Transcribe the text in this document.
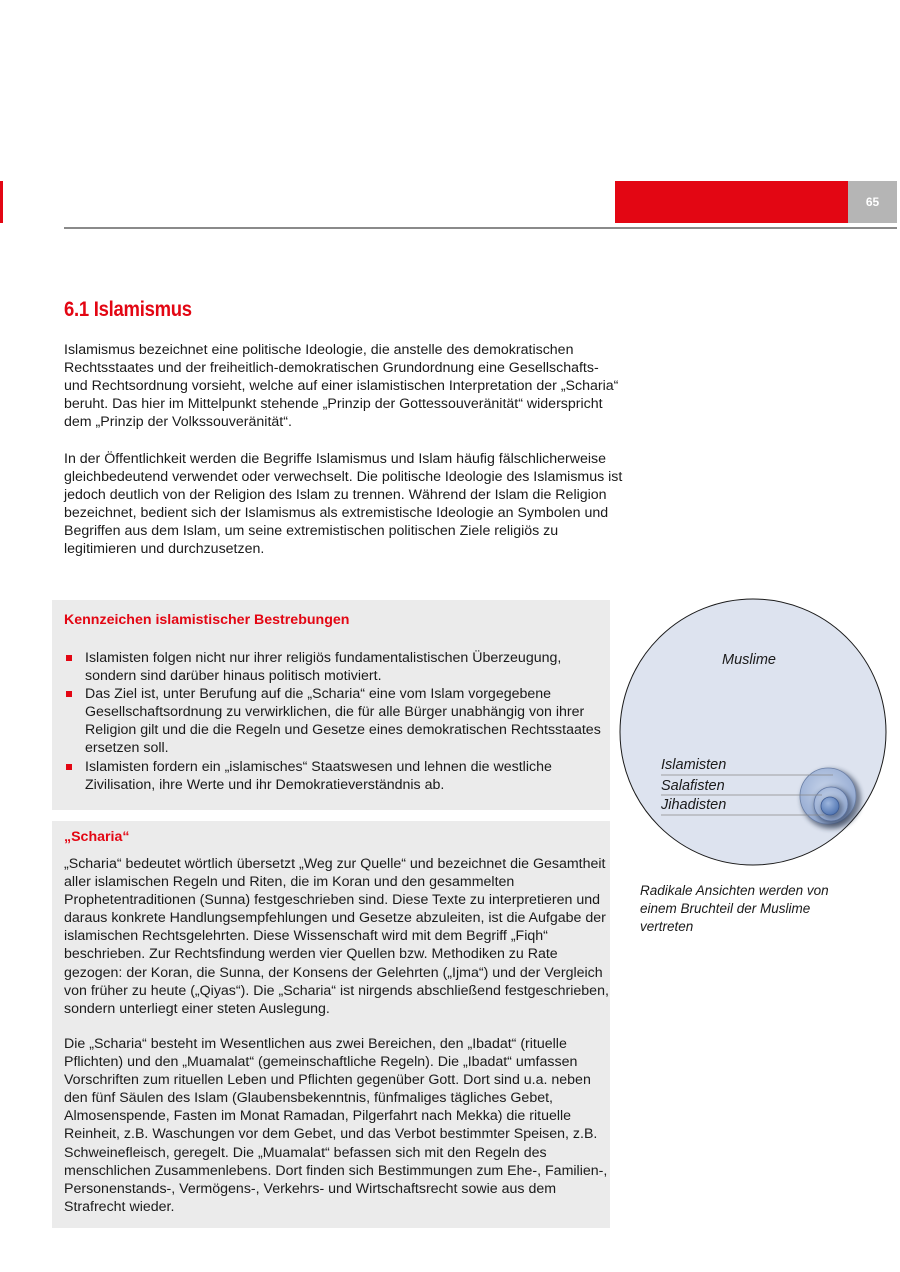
65
6.1 Islamismus

Islamismus bezeichnet eine politische Ideologie, die anstelle des demokratischen Rechtsstaates und der freiheitlich-demokratischen Grundordnung eine Gesellschafts- und Rechtsordnung vorsieht, welche auf einer islamistischen Interpretation der „Scharia“ beruht. Das hier im Mittelpunkt stehende „Prinzip der Gottessouveränität“ widerspricht dem „Prinzip der Volkssouveränität“.

In der Öffentlichkeit werden die Begriffe Islamismus und Islam häufig fälschlicherweise gleichbedeutend verwendet oder verwechselt. Die politische Ideologie des Islamismus ist jedoch deutlich von der Religion des Islam zu trennen. Während der Islam die Religion bezeichnet, bedient sich der Islamismus als extremistische Ideologie an Symbolen und Begriffen aus dem Islam, um seine extremistischen politischen Ziele religiös zu legitimieren und durchzusetzen.

Kennzeichen islamistischer Bestrebungen

Islamisten folgen nicht nur ihrer religiös fundamentalistischen Überzeugung, sondern sind darüber hinaus politisch motiviert.
Das Ziel ist, unter Berufung auf die „Scharia“ eine vom Islam vorgegebene Gesellschaftsordnung zu verwirklichen, die für alle Bürger unabhängig von ihrer Religion gilt und die die Regeln und Gesetze eines demokratischen Rechtsstaates ersetzen soll.
Islamisten fordern ein „islamisches“ Staatswesen und lehnen die westliche Zivilisation, ihre Werte und ihr Demokratieverständnis ab.

„Scharia“

„Scharia“ bedeutet wörtlich übersetzt „Weg zur Quelle“ und bezeichnet die Gesamtheit aller islamischen Regeln und Riten, die im Koran und den gesammelten Prophetentraditionen (Sunna) festgeschrieben sind. Diese Texte zu interpretieren und daraus konkrete Handlungsempfehlungen und Gesetze abzuleiten, ist die Aufgabe der islamischen Rechtsgelehrten. Diese Wissenschaft wird mit dem Begriff „Fiqh“ beschrieben. Zur Rechtsfindung werden vier Quellen bzw. Methodiken zu Rate gezogen: der Koran, die Sunna, der Konsens der Gelehrten („Ijma“) und der Vergleich von früher zu heute („Qiyas“). Die „Scharia“ ist nirgends abschließend festgeschrieben, sondern unterliegt einer steten Auslegung.

Die „Scharia“ besteht im Wesentlichen aus zwei Bereichen, den „Ibadat“ (rituelle Pflichten) und den „Muamalat“ (gemeinschaftliche Regeln). Die „Ibadat“ umfassen Vorschriften zum rituellen Leben und Pflichten gegenüber Gott. Dort sind u.a. neben den fünf Säulen des Islam (Glaubensbekenntnis, fünfmaliges tägliches Gebet, Almosenspende, Fasten im Monat Ramadan, Pilgerfahrt nach Mekka) die rituelle Reinheit, z.B. Waschungen vor dem Gebet, und das Verbot bestimmter Speisen, z.B. Schweinefleisch, geregelt. Die „Muamalat“ befassen sich mit den Regeln des menschlichen Zusammenlebens. Dort finden sich Bestimmungen zum Ehe-, Familien-, Personenstands-, Vermögens-, Verkehrs- und Wirtschaftsrecht sowie aus dem Strafrecht wieder.

Muslime
Islamisten
Salafisten
Jihadisten

Radikale Ansichten werden von einem Bruchteil der Muslime vertreten
